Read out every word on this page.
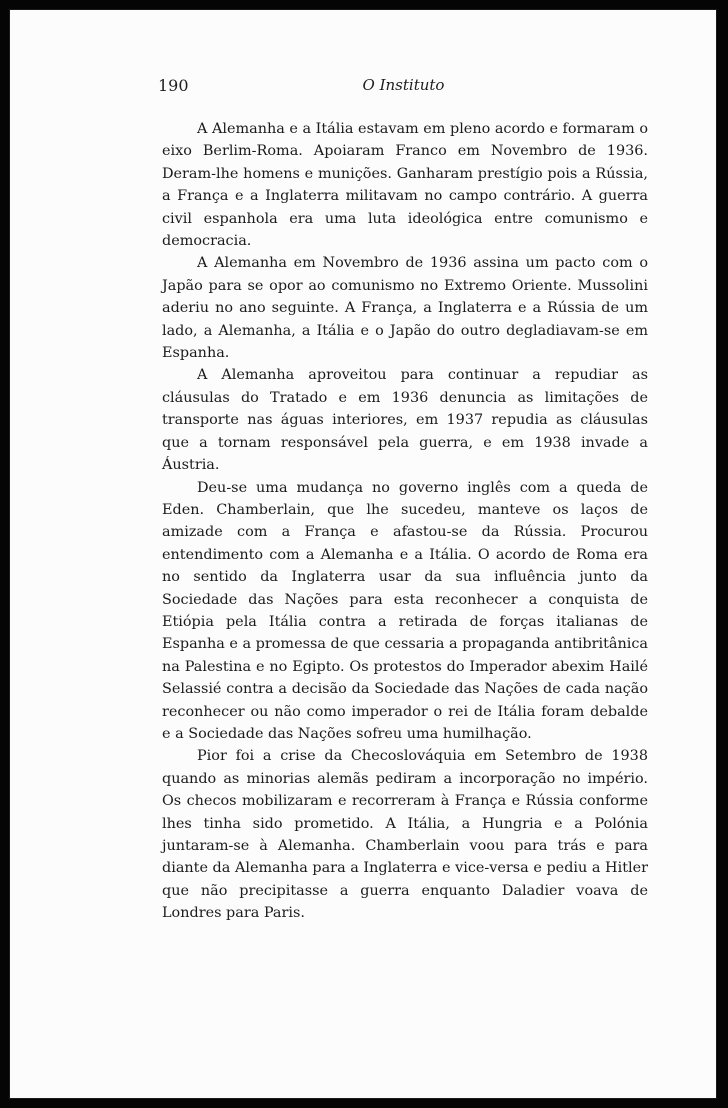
190	O Instituto

A Alemanha e a Itália estavam em pleno acordo e formaram o eixo Berlim-Roma. Apoiaram Franco em Novembro de 1936. Deram-lhe homens e munições. Ganharam prestígio pois a Rússia, a França e a Inglaterra militavam no campo contrário. A guerra civil espanhola era uma luta ideológica entre comunismo e democracia.

A Alemanha em Novembro de 1936 assina um pacto com o Japão para se opor ao comunismo no Extremo Oriente. Mussolini aderiu no ano seguinte. A França, a Inglaterra e a Rússia de um lado, a Alemanha, a Itália e o Japão do outro degladiavam-se em Espanha.

A Alemanha aproveitou para continuar a repudiar as cláusulas do Tratado e em 1936 denuncia as limitações de transporte nas águas interiores, em 1937 repudia as cláusulas que a tornam responsável pela guerra, e em 1938 invade a Áustria.

Deu-se uma mudança no governo inglês com a queda de Eden. Chamberlain, que lhe sucedeu, manteve os laços de amizade com a França e afastou-se da Rússia. Procurou entendimento com a Alemanha e a Itália. O acordo de Roma era no sentido da Inglaterra usar da sua influência junto da Sociedade das Nações para esta reconhecer a conquista de Etiópia pela Itália contra a retirada de forças italianas de Espanha e a promessa de que cessaria a propaganda antibritânica na Palestina e no Egipto. Os protestos do Imperador abexim Hailé Selassié contra a decisão da Sociedade das Nações de cada nação reconhecer ou não como imperador o rei de Itália foram debalde e a Sociedade das Nações sofreu uma humilhação.

Pior foi a crise da Checoslováquia em Setembro de 1938 quando as minorias alemãs pediram a incorporação no império. Os checos mobilizaram e recorreram à França e Rússia conforme lhes tinha sido prometido. A Itália, a Hungria e a Polónia juntaram-se à Alemanha. Chamberlain voou para trás e para diante da Alemanha para a Inglaterra e vice-versa e pediu a Hitler que não precipitasse a guerra enquanto Daladier voava de Londres para Paris.
